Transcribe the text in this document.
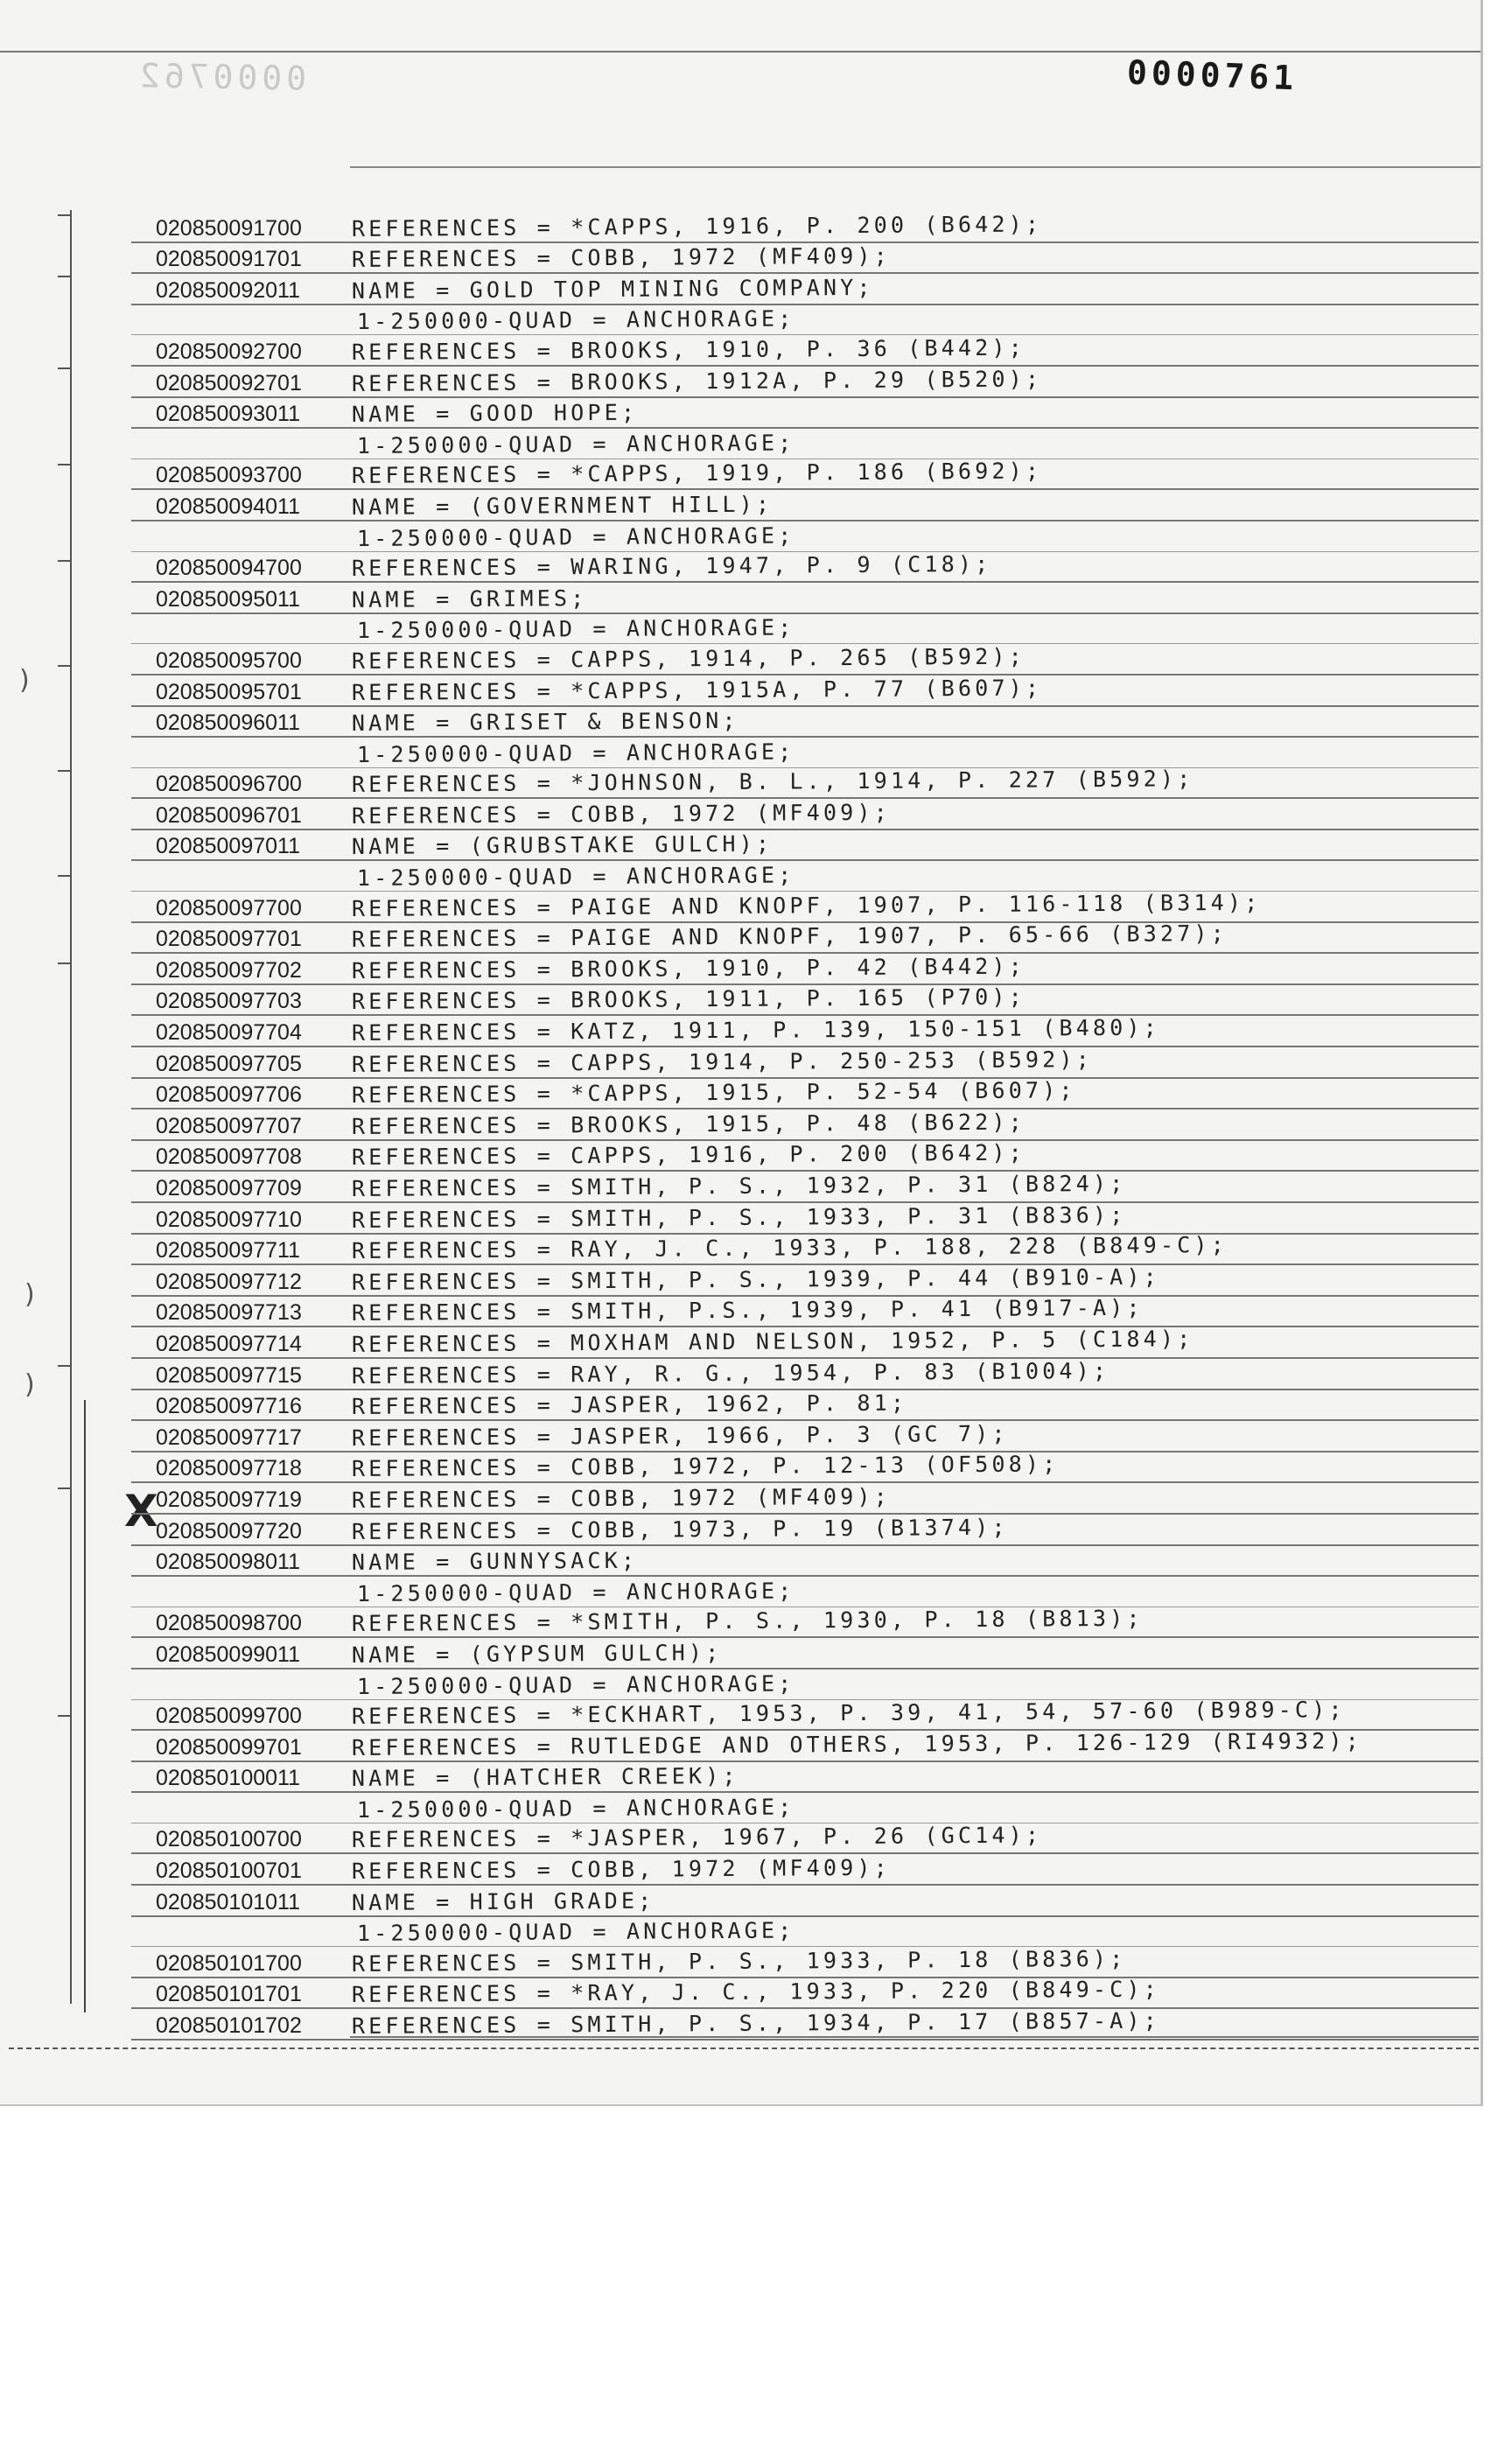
0000762	0000761
)
)
)
X
020850091700	REFERENCES = *CAPPS, 1916, P. 200 (B642);
020850091701	REFERENCES = COBB, 1972 (MF409);
020850092011	NAME = GOLD TOP MINING COMPANY;
1-250000-QUAD = ANCHORAGE;
020850092700	REFERENCES = BROOKS, 1910, P. 36 (B442);
020850092701	REFERENCES = BROOKS, 1912A, P. 29 (B520);
020850093011	NAME = GOOD HOPE;
1-250000-QUAD = ANCHORAGE;
020850093700	REFERENCES = *CAPPS, 1919, P. 186 (B692);
020850094011	NAME = (GOVERNMENT HILL);
1-250000-QUAD = ANCHORAGE;
020850094700	REFERENCES = WARING, 1947, P. 9 (C18);
020850095011	NAME = GRIMES;
1-250000-QUAD = ANCHORAGE;
020850095700	REFERENCES = CAPPS, 1914, P. 265 (B592);
020850095701	REFERENCES = *CAPPS, 1915A, P. 77 (B607);
020850096011	NAME = GRISET & BENSON;
1-250000-QUAD = ANCHORAGE;
020850096700	REFERENCES = *JOHNSON, B. L., 1914, P. 227 (B592);
020850096701	REFERENCES = COBB, 1972 (MF409);
020850097011	NAME = (GRUBSTAKE GULCH);
1-250000-QUAD = ANCHORAGE;
020850097700	REFERENCES = PAIGE AND KNOPF, 1907, P. 116-118 (B314);
020850097701	REFERENCES = PAIGE AND KNOPF, 1907, P. 65-66 (B327);
020850097702	REFERENCES = BROOKS, 1910, P. 42 (B442);
020850097703	REFERENCES = BROOKS, 1911, P. 165 (P70);
020850097704	REFERENCES = KATZ, 1911, P. 139, 150-151 (B480);
020850097705	REFERENCES = CAPPS, 1914, P. 250-253 (B592);
020850097706	REFERENCES = *CAPPS, 1915, P. 52-54 (B607);
020850097707	REFERENCES = BROOKS, 1915, P. 48 (B622);
020850097708	REFERENCES = CAPPS, 1916, P. 200 (B642);
020850097709	REFERENCES = SMITH, P. S., 1932, P. 31 (B824);
020850097710	REFERENCES = SMITH, P. S., 1933, P. 31 (B836);
020850097711	REFERENCES = RAY, J. C., 1933, P. 188, 228 (B849-C);
020850097712	REFERENCES = SMITH, P. S., 1939, P. 44 (B910-A);
020850097713	REFERENCES = SMITH, P.S., 1939, P. 41 (B917-A);
020850097714	REFERENCES = MOXHAM AND NELSON, 1952, P. 5 (C184);
020850097715	REFERENCES = RAY, R. G., 1954, P. 83 (B1004);
020850097716	REFERENCES = JASPER, 1962, P. 81;
020850097717	REFERENCES = JASPER, 1966, P. 3 (GC 7);
020850097718	REFERENCES = COBB, 1972, P. 12-13 (OF508);
020850097719	REFERENCES = COBB, 1972 (MF409);
020850097720	REFERENCES = COBB, 1973, P. 19 (B1374);
020850098011	NAME = GUNNYSACK;
1-250000-QUAD = ANCHORAGE;
020850098700	REFERENCES = *SMITH, P. S., 1930, P. 18 (B813);
020850099011	NAME = (GYPSUM GULCH);
1-250000-QUAD = ANCHORAGE;
020850099700	REFERENCES = *ECKHART, 1953, P. 39, 41, 54, 57-60 (B989-C);
020850099701	REFERENCES = RUTLEDGE AND OTHERS, 1953, P. 126-129 (RI4932);
020850100011	NAME = (HATCHER CREEK);
1-250000-QUAD = ANCHORAGE;
020850100700	REFERENCES = *JASPER, 1967, P. 26 (GC14);
020850100701	REFERENCES = COBB, 1972 (MF409);
020850101011	NAME = HIGH GRADE;
1-250000-QUAD = ANCHORAGE;
020850101700	REFERENCES = SMITH, P. S., 1933, P. 18 (B836);
020850101701	REFERENCES = *RAY, J. C., 1933, P. 220 (B849-C);
020850101702	REFERENCES = SMITH, P. S., 1934, P. 17 (B857-A);
